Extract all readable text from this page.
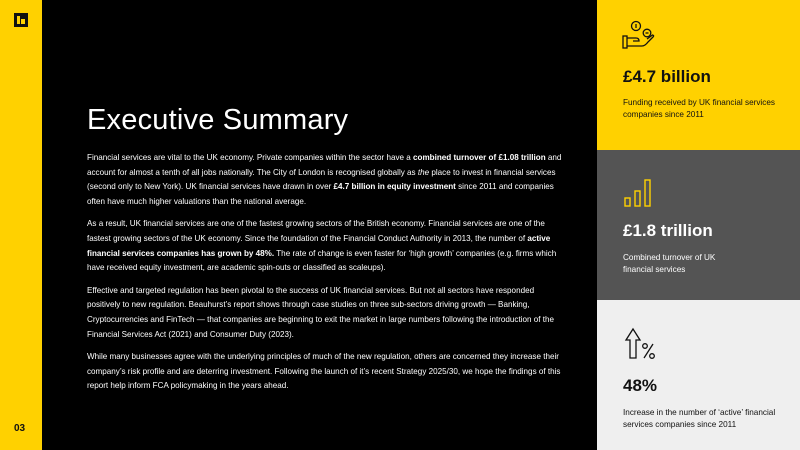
03
Executive Summary

Financial services are vital to the UK economy. Private companies within the sector have a combined turnover of £1.08 trillion and account for almost a tenth of all jobs nationally. The City of London is recognised globally as the place to invest in financial services (second only to New York). UK financial services have drawn in over £4.7 billion in equity investment since 2011 and companies often have much higher valuations than the national average.

As a result, UK financial services are one of the fastest growing sectors of the British economy. Financial services are one of the fastest growing sectors of the UK economy. Since the foundation of the Financial Conduct Authority in 2013, the number of active financial services companies has grown by 48%. The rate of change is even faster for ‘high growth’ companies (e.g. firms which have received equity investment, are academic spin-outs or classified as scaleups).

Effective and targeted regulation has been pivotal to the success of UK financial services. But not all sectors have responded positively to new regulation. Beauhurst’s report shows through case studies on three sub-sectors driving growth — Banking, Cryptocurrencies and FinTech — that companies are beginning to exit the market in large numbers following the introduction of the Financial Services Act (2021) and Consumer Duty (2023).

While many businesses agree with the underlying principles of much of the new regulation, others are concerned they increase their company’s risk profile and are deterring investment. Following the launch of it’s recent Strategy 2025/30, we hope the findings of this report help inform FCA policymaking in the years ahead.

£4.7 billion
Funding received by UK financial services companies since 2011
£1.8 trillion
Combined turnover of UK financial services
48%
Increase in the number of ‘active’ financial services companies since 2011
